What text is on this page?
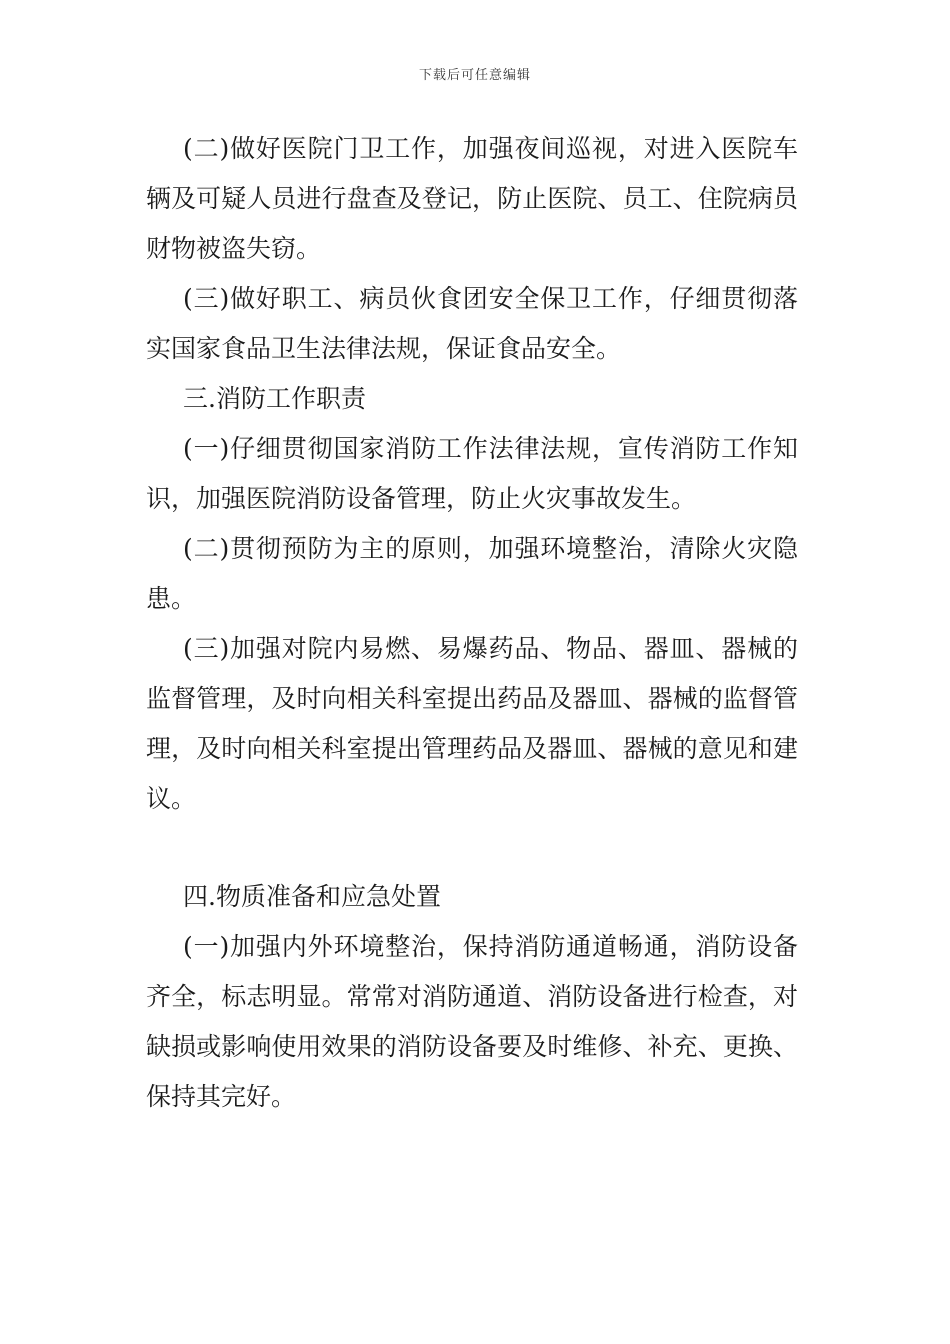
下载后可任意编辑

(二)做好医院门卫工作，加强夜间巡视，对进入医院车辆及可疑人员进行盘查及登记，防止医院、员工、住院病员财物被盗失窃。

(三)做好职工、病员伙食团安全保卫工作，仔细贯彻落实国家食品卫生法律法规，保证食品安全。

三.消防工作职责

(一)仔细贯彻国家消防工作法律法规，宣传消防工作知识，加强医院消防设备管理，防止火灾事故发生。

(二)贯彻预防为主的原则，加强环境整治，清除火灾隐患。

(三)加强对院内易燃、易爆药品、物品、器皿、器械的监督管理，及时向相关科室提出药品及器皿、器械的监督管理，及时向相关科室提出管理药品及器皿、器械的意见和建议。

四.物质准备和应急处置

(一)加强内外环境整治，保持消防通道畅通，消防设备齐全，标志明显。常常对消防通道、消防设备进行检查，对缺损或影响使用效果的消防设备要及时维修、补充、更换、保持其完好。
